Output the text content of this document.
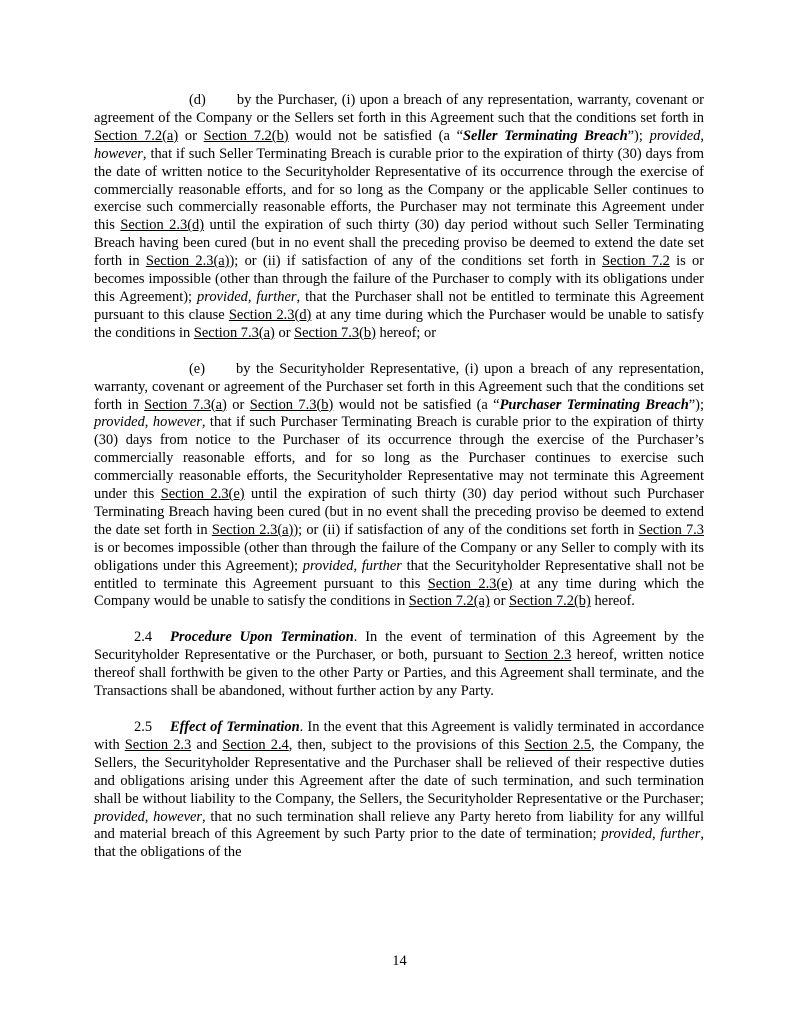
(d) by the Purchaser, (i) upon a breach of any representation, warranty, covenant or agreement of the Company or the Sellers set forth in this Agreement such that the conditions set forth in Section 7.2(a) or Section 7.2(b) would not be satisfied (a “Seller Terminating Breach”); provided, however, that if such Seller Terminating Breach is curable prior to the expiration of thirty (30) days from the date of written notice to the Securityholder Representative of its occurrence through the exercise of commercially reasonable efforts, and for so long as the Company or the applicable Seller continues to exercise such commercially reasonable efforts, the Purchaser may not terminate this Agreement under this Section 2.3(d) until the expiration of such thirty (30) day period without such Seller Terminating Breach having been cured (but in no event shall the preceding proviso be deemed to extend the date set forth in Section 2.3(a)); or (ii) if satisfaction of any of the conditions set forth in Section 7.2 is or becomes impossible (other than through the failure of the Purchaser to comply with its obligations under this Agreement); provided, further, that the Purchaser shall not be entitled to terminate this Agreement pursuant to this clause Section 2.3(d) at any time during which the Purchaser would be unable to satisfy the conditions in Section 7.3(a) or Section 7.3(b) hereof; or

(e) by the Securityholder Representative, (i) upon a breach of any representation, warranty, covenant or agreement of the Purchaser set forth in this Agreement such that the conditions set forth in Section 7.3(a) or Section 7.3(b) would not be satisfied (a “Purchaser Terminating Breach”); provided, however, that if such Purchaser Terminating Breach is curable prior to the expiration of thirty (30) days from notice to the Purchaser of its occurrence through the exercise of the Purchaser’s commercially reasonable efforts, and for so long as the Purchaser continues to exercise such commercially reasonable efforts, the Securityholder Representative may not terminate this Agreement under this Section 2.3(e) until the expiration of such thirty (30) day period without such Purchaser Terminating Breach having been cured (but in no event shall the preceding proviso be deemed to extend the date set forth in Section 2.3(a)); or (ii) if satisfaction of any of the conditions set forth in Section 7.3 is or becomes impossible (other than through the failure of the Company or any Seller to comply with its obligations under this Agreement); provided, further that the Securityholder Representative shall not be entitled to terminate this Agreement pursuant to this Section 2.3(e) at any time during which the Company would be unable to satisfy the conditions in Section 7.2(a) or Section 7.2(b) hereof.

2.4 Procedure Upon Termination. In the event of termination of this Agreement by the Securityholder Representative or the Purchaser, or both, pursuant to Section 2.3 hereof, written notice thereof shall forthwith be given to the other Party or Parties, and this Agreement shall terminate, and the Transactions shall be abandoned, without further action by any Party.

2.5 Effect of Termination. In the event that this Agreement is validly terminated in accordance with Section 2.3 and Section 2.4, then, subject to the provisions of this Section 2.5, the Company, the Sellers, the Securityholder Representative and the Purchaser shall be relieved of their respective duties and obligations arising under this Agreement after the date of such termination, and such termination shall be without liability to the Company, the Sellers, the Securityholder Representative or the Purchaser; provided, however, that no such termination shall relieve any Party hereto from liability for any willful and material breach of this Agreement by such Party prior to the date of termination; provided, further, that the obligations of the

14
